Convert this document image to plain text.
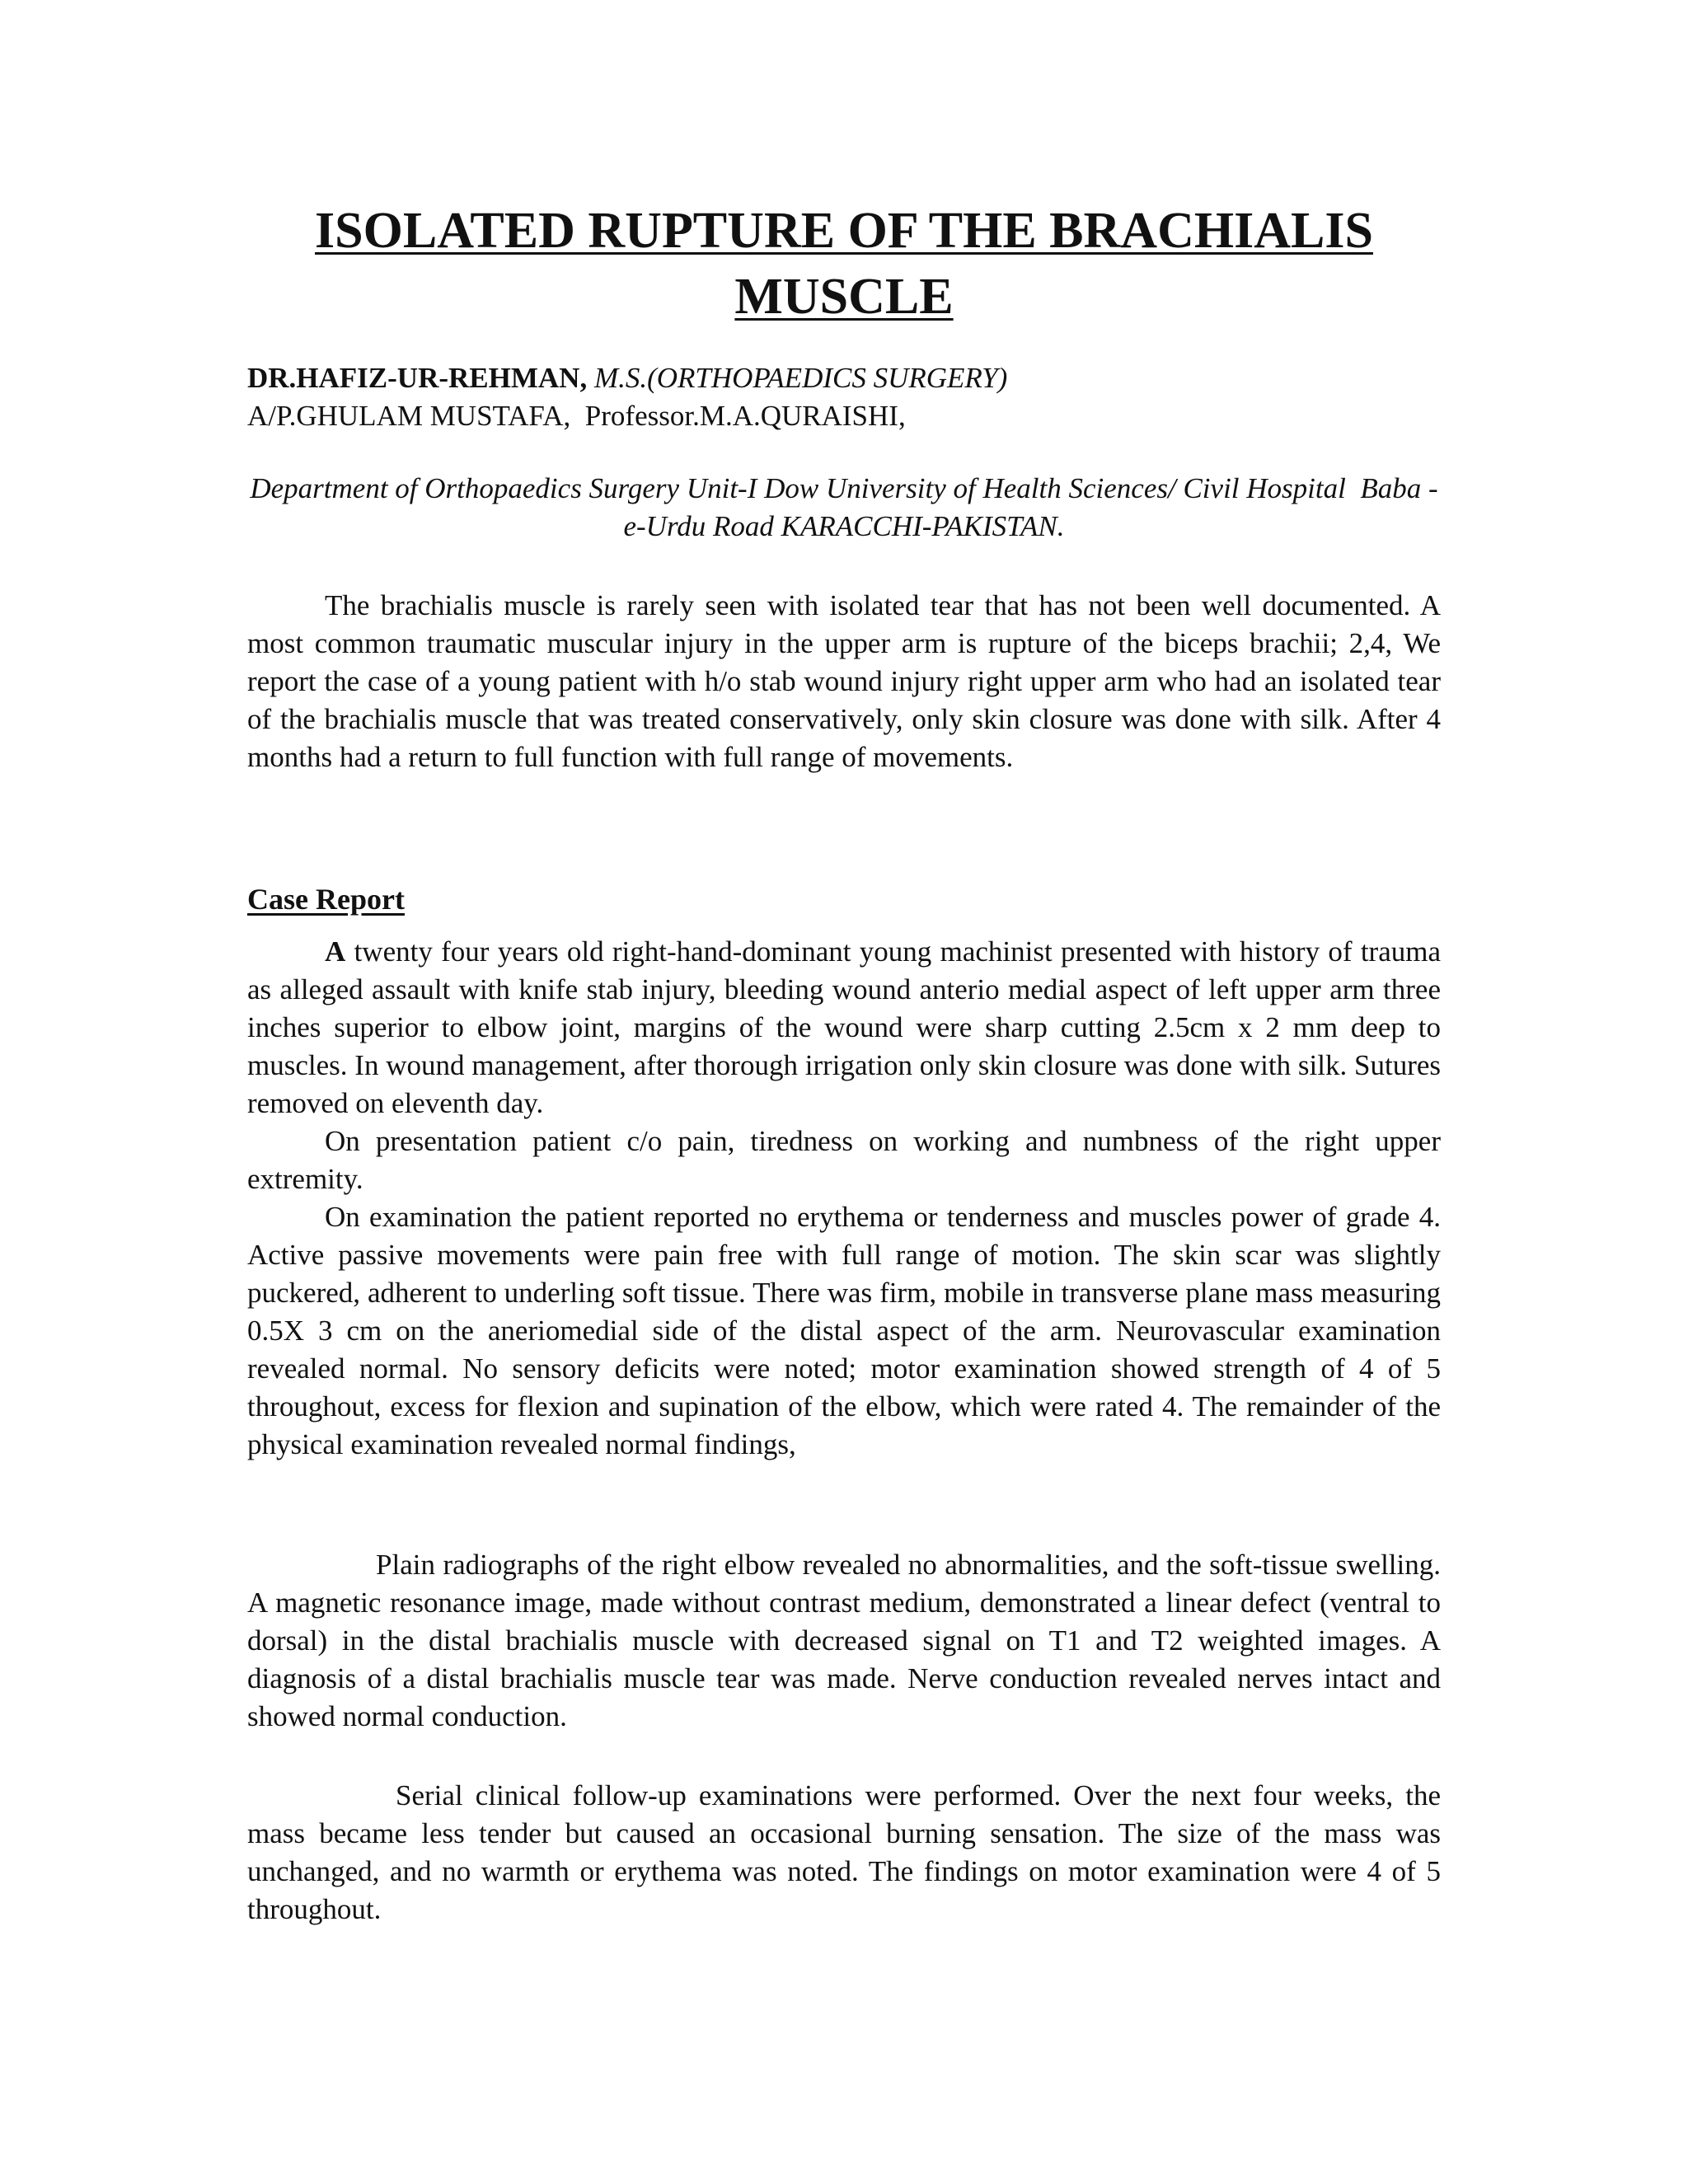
ISOLATED RUPTURE OF THE BRACHIALIS MUSCLE
DR.HAFIZ-UR-REHMAN, M.S.(ORTHOPAEDICS SURGERY)
A/P.GHULAM MUSTAFA,  Professor.M.A.QURAISHI,

Department of Orthopaedics Surgery Unit-I Dow University of Health Sciences/ Civil Hospital  Baba -e-Urdu Road KARACCHI-PAKISTAN.

The brachialis muscle is rarely seen with isolated tear that has not been well documented. A most common traumatic muscular injury in the upper arm is rupture of the biceps brachii; 2,4, We report the case of a young patient with h/o stab wound injury right upper arm who had an isolated tear of the brachialis muscle that was treated conservatively, only skin closure was done with silk. After 4 months had a return to full function with full range of movements.

Case Report

A twenty four years old right-hand-dominant young machinist presented with history of trauma as alleged assault with knife stab injury, bleeding wound anterio medial aspect of left upper arm three inches superior to elbow joint, margins of the wound were sharp cutting 2.5cm x 2 mm deep to muscles. In wound management, after thorough irrigation only skin closure was done with silk. Sutures removed on eleventh day.

On presentation patient c/o pain, tiredness on working and numbness of the right upper extremity.

On examination the patient reported no erythema or tenderness and muscles power of grade 4. Active passive movements were pain free with full range of motion. The skin scar was slightly puckered, adherent to underling soft tissue. There was firm, mobile in transverse plane mass measuring 0.5X 3 cm on the aneriomedial side of the distal aspect of the arm. Neurovascular examination revealed normal. No sensory deficits were noted; motor examination showed strength of 4 of 5 throughout, excess for flexion and supination of the elbow, which were rated 4. The remainder of the physical examination revealed normal findings,

Plain radiographs of the right elbow revealed no abnormalities, and the soft-tissue swelling. A magnetic resonance image, made without contrast medium, demonstrated a linear defect (ventral to dorsal) in the distal brachialis muscle with decreased signal on T1 and T2 weighted images. A diagnosis of a distal brachialis muscle tear was made. Nerve conduction revealed nerves intact and showed normal conduction.

Serial clinical follow-up examinations were performed. Over the next four weeks, the mass became less tender but caused an occasional burning sensation. The size of the mass was unchanged, and no warmth or erythema was noted. The findings on motor examination were 4 of 5 throughout.
